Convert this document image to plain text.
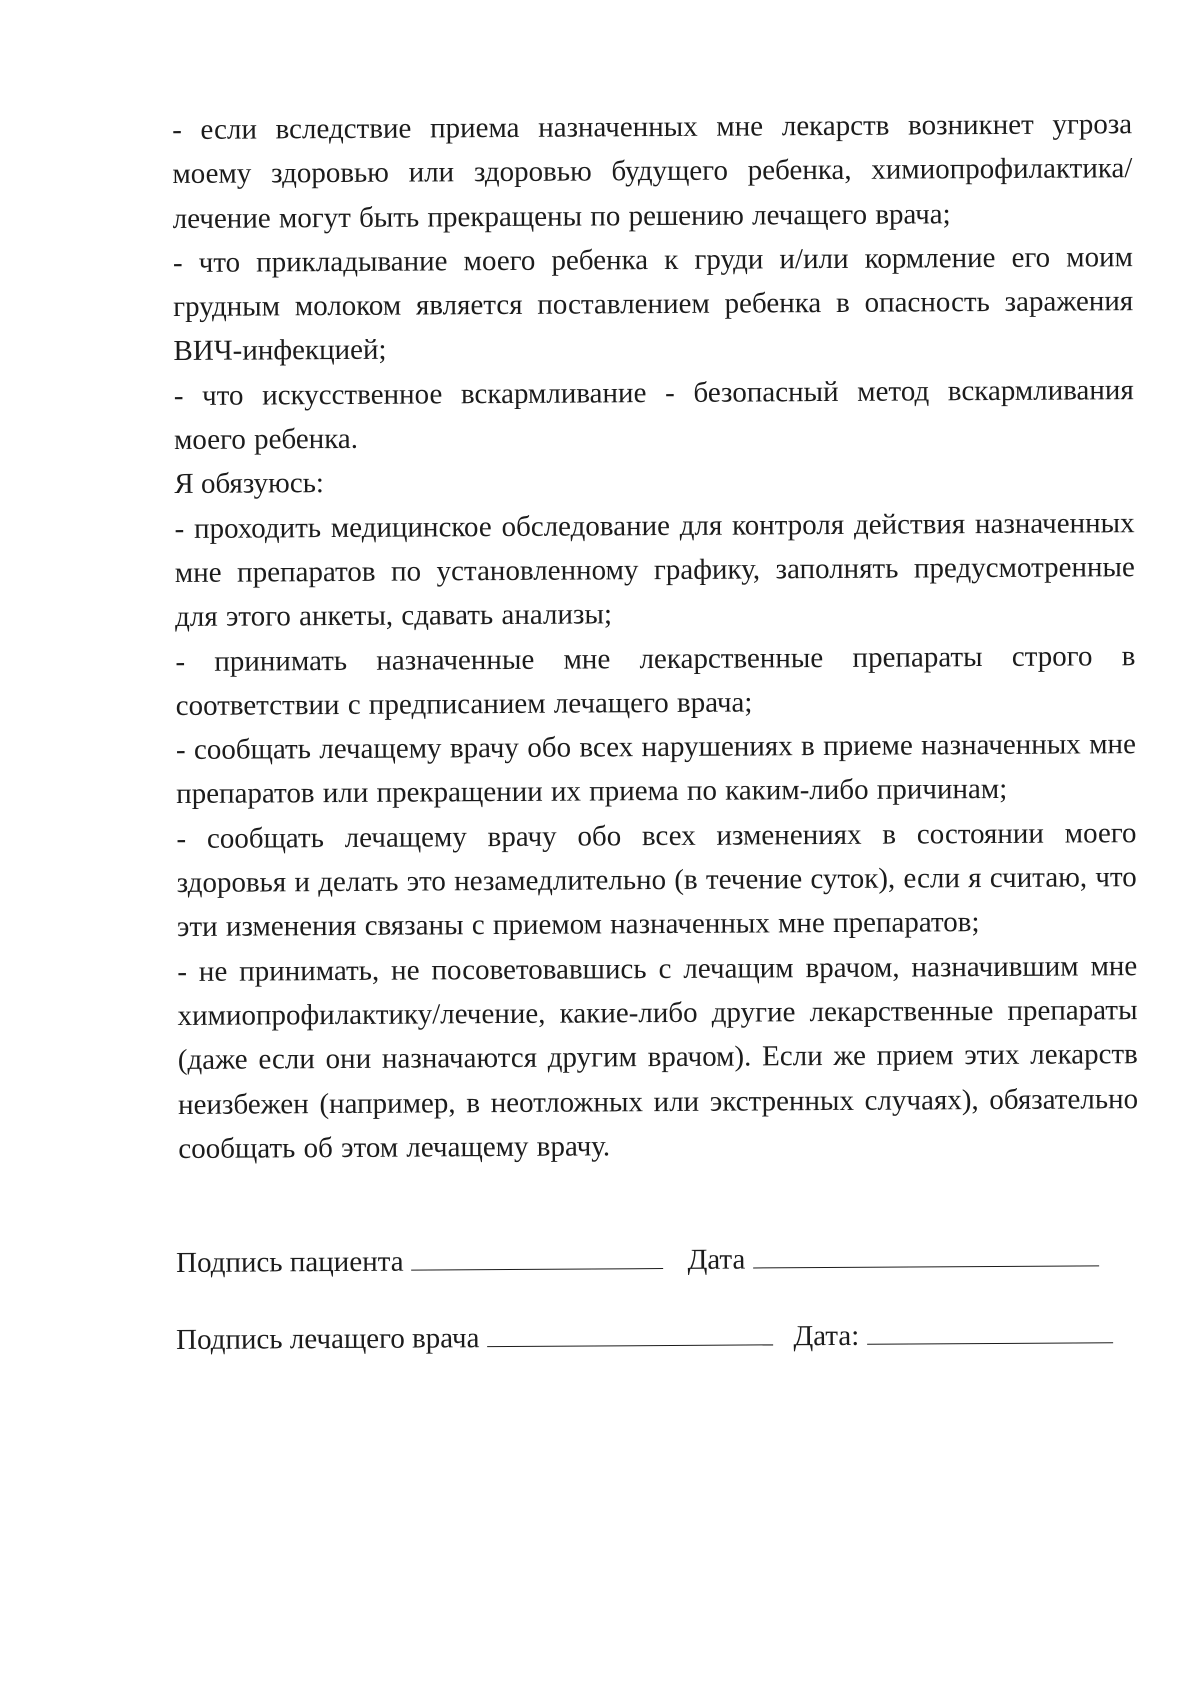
- если вследствие приема назначенных мне лекарств возникнет угроза моему здоровью или здоровью будущего ребенка, химиопрофилактика/лечение могут быть прекращены по решению лечащего врача;

- что прикладывание моего ребенка к груди и/или кормление его моим грудным молоком является поставлением ребенка в опасность заражения ВИЧ-инфекцией;

- что искусственное вскармливание - безопасный метод вскармливания моего ребенка.

Я обязуюсь:

- проходить медицинское обследование для контроля действия назначенных мне препаратов по установленному графику, заполнять предусмотренные для этого анкеты, сдавать анализы;

- принимать назначенные мне лекарственные препараты строго в соответствии с предписанием лечащего врача;

- сообщать лечащему врачу обо всех нарушениях в приеме назначенных мне препаратов или прекращении их приема по каким-либо причинам;

- сообщать лечащему врачу обо всех изменениях в состоянии моего здоровья и делать это незамедлительно (в течение суток), если я считаю, что эти изменения связаны с приемом назначенных мне препаратов;

- не принимать, не посоветовавшись с лечащим врачом, назначившим мне химиопрофилактику/лечение, какие-либо другие лекарственные препараты (даже если они назначаются другим врачом). Если же прием этих лекарств неизбежен (например, в неотложных или экстренных случаях), обязательно сообщать об этом лечащему врачу.

Подпись пациента	Дата
Подпись лечащего врача	Дата:
